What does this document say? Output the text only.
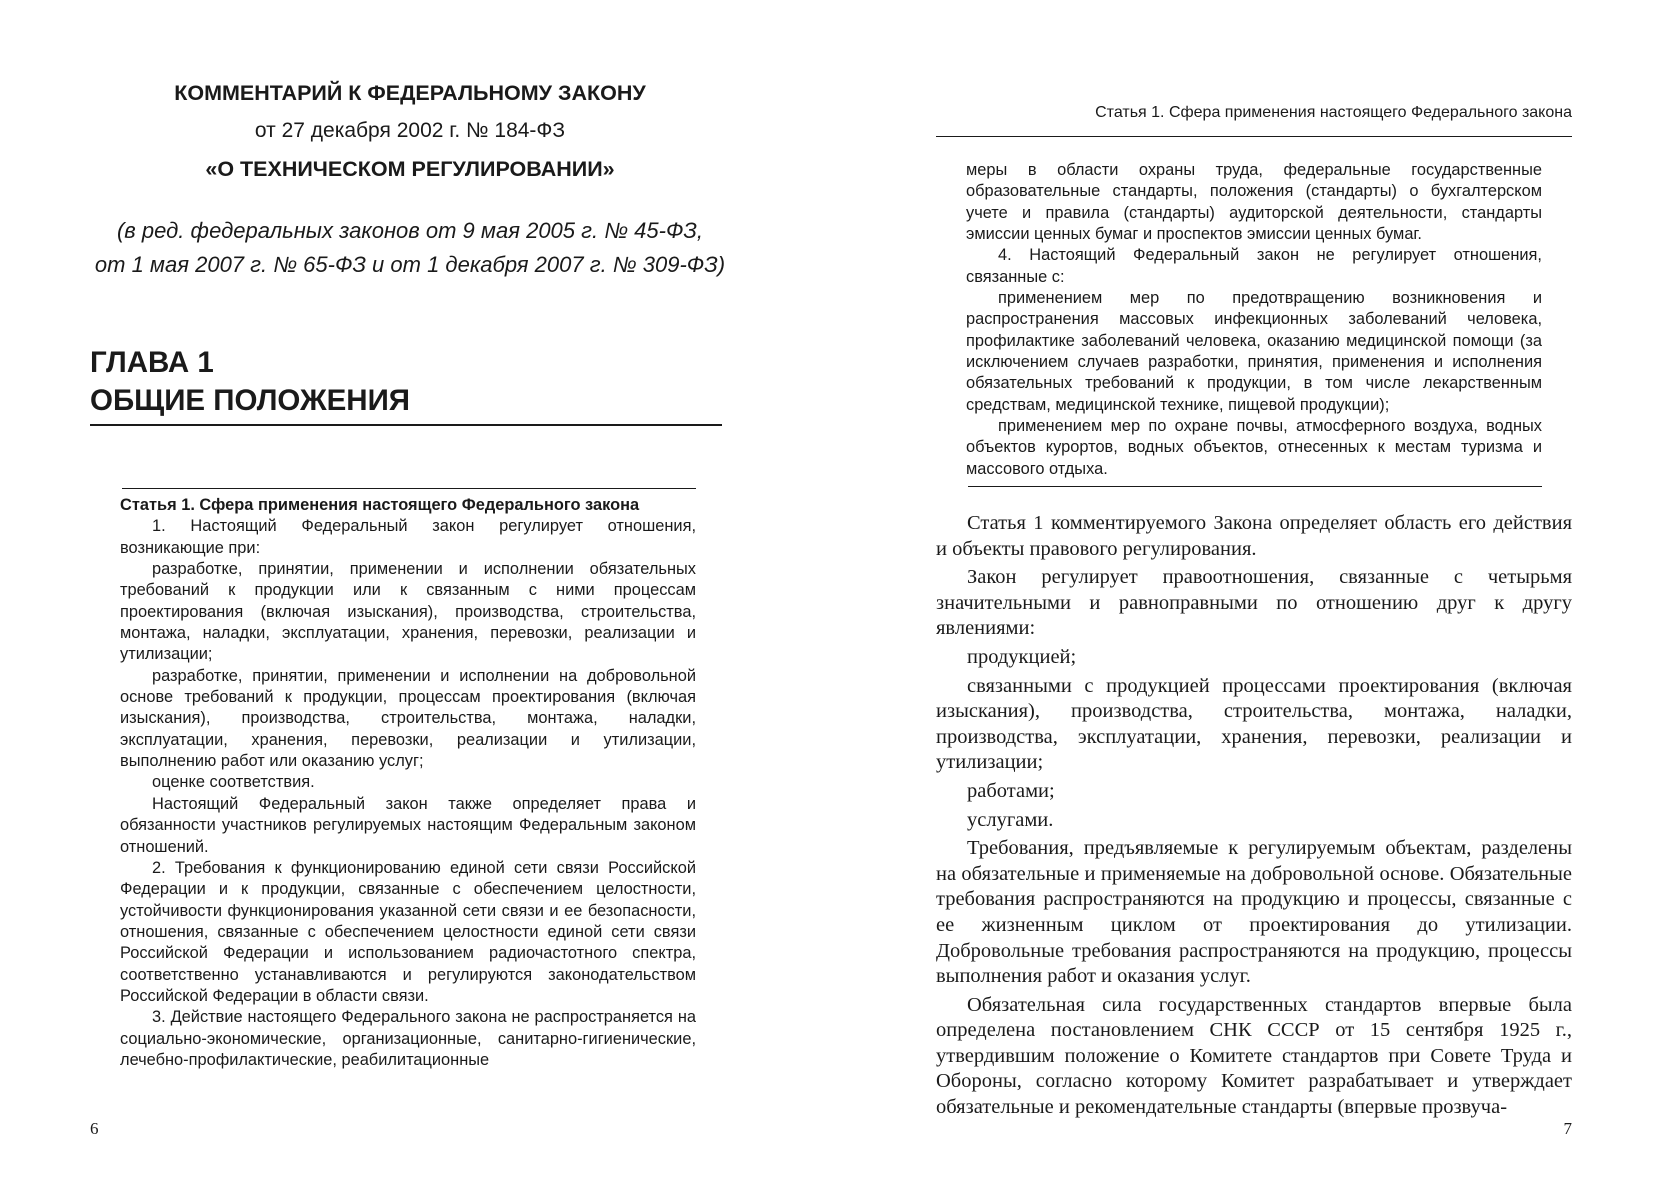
КОММЕНТАРИЙ К ФЕДЕРАЛЬНОМУ ЗАКОНУ
от 27 декабря 2002 г. № 184-ФЗ
«О ТЕХНИЧЕСКОМ РЕГУЛИРОВАНИИ»
(в ред. федеральных законов от 9 мая 2005 г. № 45-ФЗ,
от 1 мая 2007 г. № 65-ФЗ и от 1 декабря 2007 г. № 309-ФЗ)
ГЛАВА 1
ОБЩИЕ ПОЛОЖЕНИЯ
Статья 1. Сфера применения настоящего Федерального закона
1. Настоящий Федеральный закон регулирует отношения, возникающие при:
разработке, принятии, применении и исполнении обязательных требований к продукции или к связанным с ними процессам проектирования (включая изыскания), производства, строительства, монтажа, наладки, эксплуатации, хранения, перевозки, реализации и утилизации;
разработке, принятии, применении и исполнении на добровольной основе требований к продукции, процессам проектирования (включая изыскания), производства, строительства, монтажа, наладки, эксплуатации, хранения, перевозки, реализации и утилизации, выполнению работ или оказанию услуг;
оценке соответствия.
Настоящий Федеральный закон также определяет права и обязанности участников регулируемых настоящим Федеральным законом отношений.
2. Требования к функционированию единой сети связи Российской Федерации и к продукции, связанные с обеспечением целостности, устойчивости функционирования указанной сети связи и ее безопасности, отношения, связанные с обеспечением целостности единой сети связи Российской Федерации и использованием радиочастотного спектра, соответственно устанавливаются и регулируются законодательством Российской Федерации в области связи.
3. Действие настоящего Федерального закона не распространяется на социально-экономические, организационные, санитарно-гигиенические, лечебно-профилактические, реабилитационные
6
Статья 1. Сфера применения настоящего Федерального закона
меры в области охраны труда, федеральные государственные образовательные стандарты, положения (стандарты) о бухгалтерском учете и правила (стандарты) аудиторской деятельности, стандарты эмиссии ценных бумаг и проспектов эмиссии ценных бумаг.
4. Настоящий Федеральный закон не регулирует отношения, связанные с:
применением мер по предотвращению возникновения и распространения массовых инфекционных заболеваний человека, профилактике заболеваний человека, оказанию медицинской помощи (за исключением случаев разработки, принятия, применения и исполнения обязательных требований к продукции, в том числе лекарственным средствам, медицинской технике, пищевой продукции);
применением мер по охране почвы, атмосферного воздуха, водных объектов курортов, водных объектов, отнесенных к местам туризма и массового отдыха.
Статья 1 комментируемого Закона определяет область его действия и объекты правового регулирования.
Закон регулирует правоотношения, связанные с четырьмя значительными и равноправными по отношению друг к другу явлениями:
продукцией;
связанными с продукцией процессами проектирования (включая изыскания), производства, строительства, монтажа, наладки, производства, эксплуатации, хранения, перевозки, реализации и утилизации;
работами;
услугами.
Требования, предъявляемые к регулируемым объектам, разделены на обязательные и применяемые на добровольной основе. Обязательные требования распространяются на продукцию и процессы, связанные с ее жизненным циклом от проектирования до утилизации. Добровольные требования распространяются на продукцию, процессы выполнения работ и оказания услуг.
Обязательная сила государственных стандартов впервые была определена постановлением СНК СССР от 15 сентября 1925 г., утвердившим положение о Комитете стандартов при Совете Труда и Обороны, согласно которому Комитет разрабатывает и утверждает обязательные и рекомендательные стандарты (впервые прозвуча-
7
